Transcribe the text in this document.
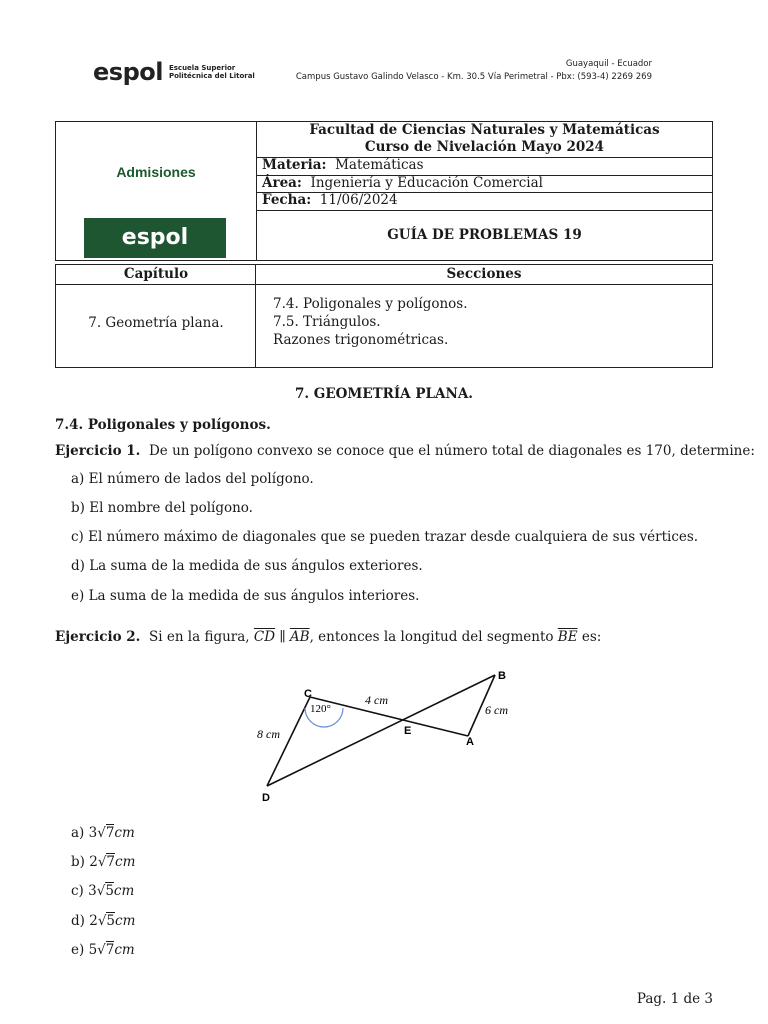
espol Escuela Superior
Politécnica del Litoral
Guayaquil - Ecuador
Campus Gustavo Galindo Velasco - Km. 30.5 Vía Perimetral - Pbx: (593-4) 2269 269
Admisiones
espol
Facultad de Ciencias Naturales y Matemáticas
Curso de Nivelación Mayo 2024
Materia: Matemáticas
Área: Ingeniería y Educación Comercial
Fecha: 11/06/2024
GUÍA DE PROBLEMAS 19
Capítulo	Secciones
7. Geometría plana.
7.4. Poligonales y polígonos.
7.5. Triángulos.
Razones trigonométricas.
7. GEOMETRÍA PLANA.
7.4. Poligonales y polígonos.
Ejercicio 1. De un polígono convexo se conoce que el número total de diagonales es 170, determine:
a) El número de lados del polígono.
b) El nombre del polígono.
c) El número máximo de diagonales que se pueden trazar desde cualquiera de sus vértices.
d) La suma de la medida de sus ángulos exteriores.
e) La suma de la medida de sus ángulos interiores.
Ejercicio 2. Si en la figura, $\overline{CD}$ ∥ $\overline{AB}$, entonces la longitud del segmento $\overline{BE}$ es:
C
B
E
A
D
4 cm
6 cm
8 cm
120°
a) 3√7cm
b) 2√7cm
c) 3√5cm
d) 2√5cm
e) 5√7cm
Pag. 1 de 3
